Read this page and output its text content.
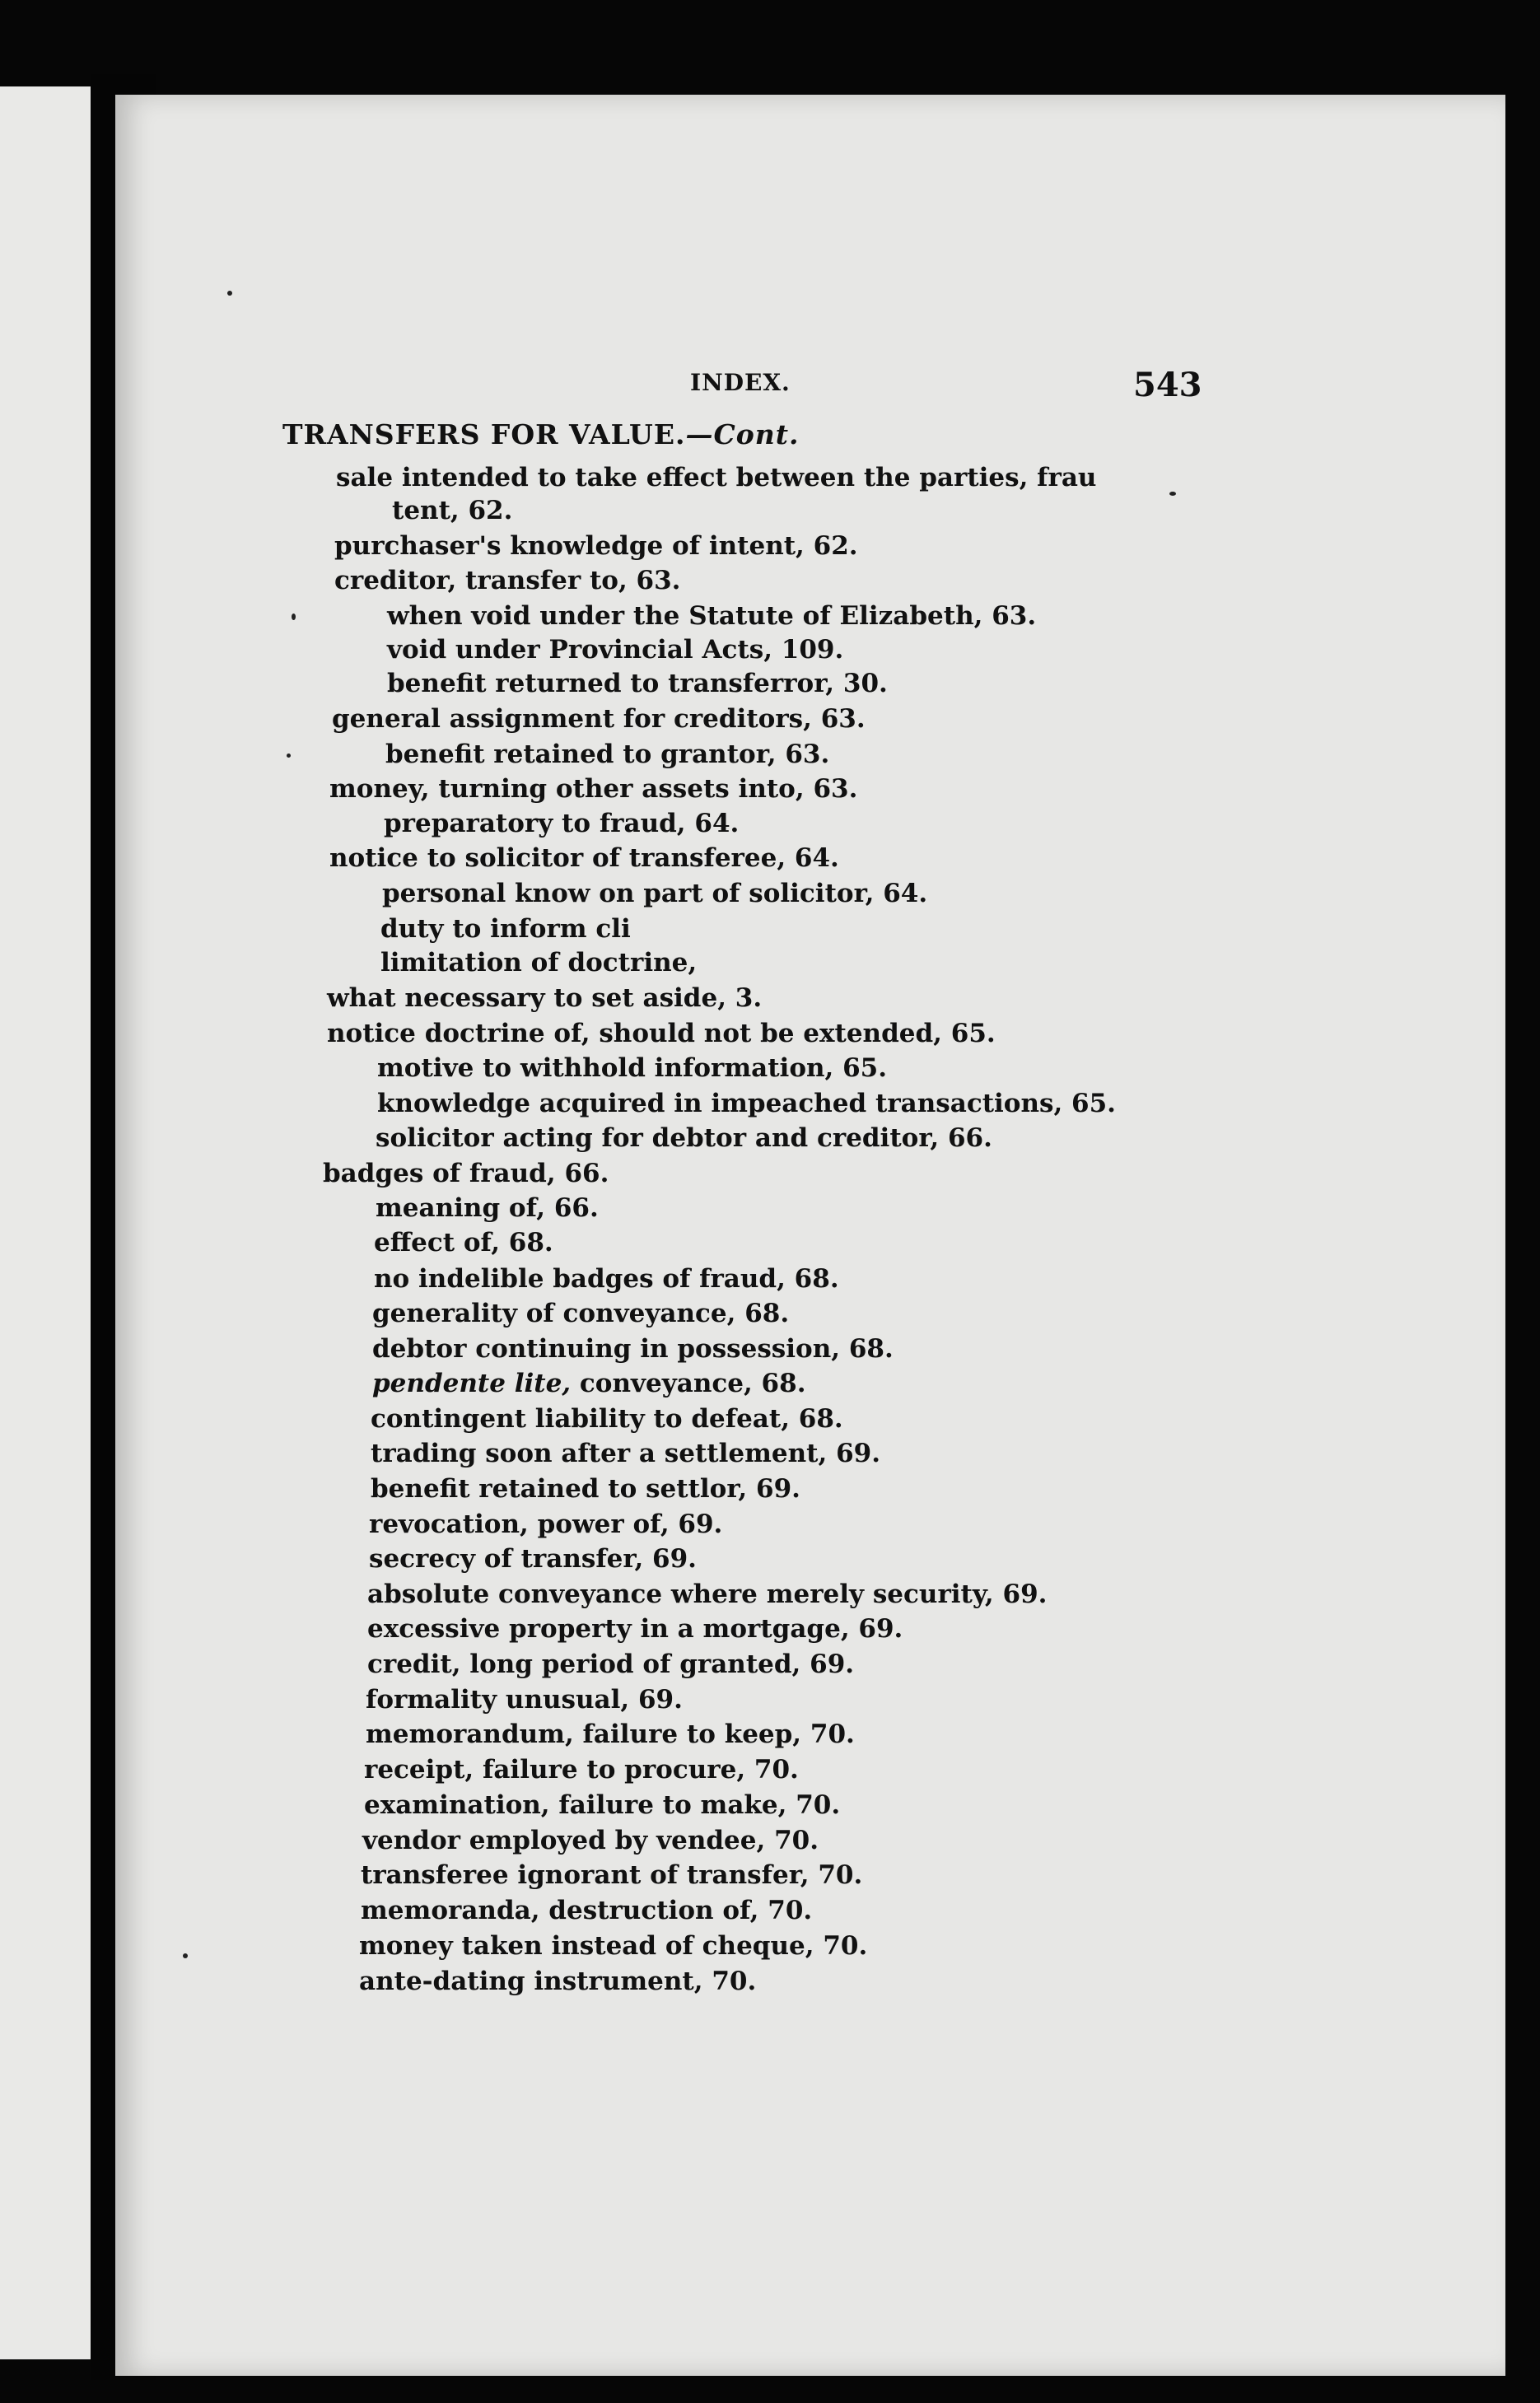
INDEX.	543
TRANSFERS FOR VALUE.—Cont.
sale intended to take effect between the parties, frau
tent, 62.
purchaser's knowledge of intent, 62.
creditor, transfer to, 63.
when void under the Statute of Elizabeth, 63.
void under Provincial Acts, 109.
benefit returned to transferror, 30.
general assignment for creditors, 63.
benefit retained to grantor, 63.
money, turning other assets into, 63.
preparatory to fraud, 64.
notice to solicitor of transferee, 64.
personal know on part of solicitor, 64.
duty to inform cli
limitation of doctrine,
what necessary to set aside, 3.
notice doctrine of, should not be extended, 65.
motive to withhold information, 65.
knowledge acquired in impeached transactions, 65.
solicitor acting for debtor and creditor, 66.
badges of fraud, 66.
meaning of, 66.
effect of, 68.
no indelible badges of fraud, 68.
generality of conveyance, 68.
debtor continuing in possession, 68.
pendente lite, conveyance, 68.
contingent liability to defeat, 68.
trading soon after a settlement, 69.
benefit retained to settlor, 69.
revocation, power of, 69.
secrecy of transfer, 69.
absolute conveyance where merely security, 69.
excessive property in a mortgage, 69.
credit, long period of granted, 69.
formality unusual, 69.
memorandum, failure to keep, 70.
receipt, failure to procure, 70.
examination, failure to make, 70.
vendor employed by vendee, 70.
transferee ignorant of transfer, 70.
memoranda, destruction of, 70.
money taken instead of cheque, 70.
ante-dating instrument, 70.
